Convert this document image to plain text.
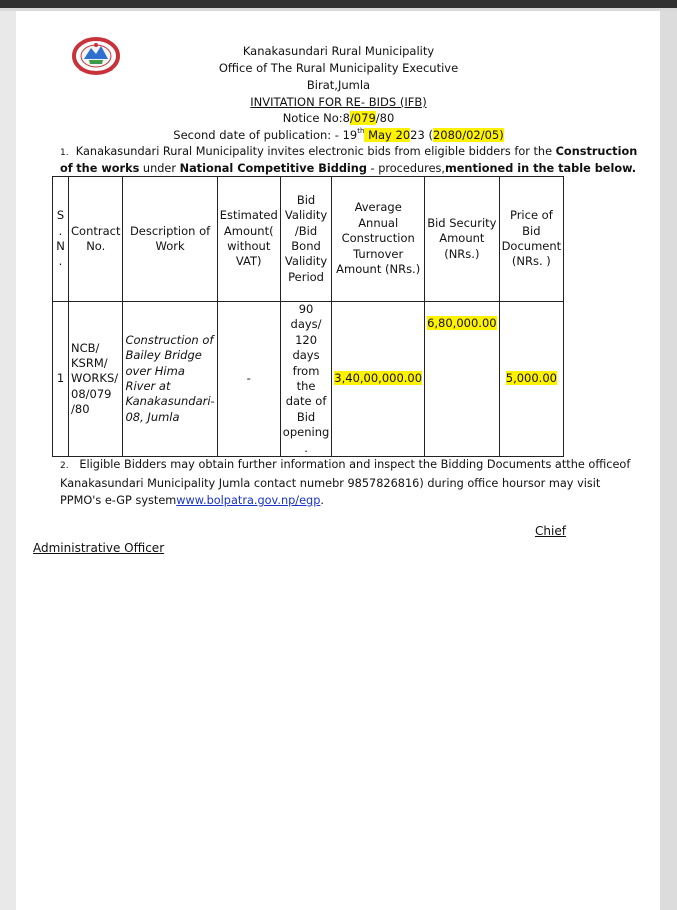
Kanakasundari Rural Municipality
Office of The Rural Municipality Executive
Birat,Jumla
INVITATION FOR RE- BIDS (IFB)
Notice No:8/079/80
Second date of publication: - 19th May 2023 (2080/02/05)
1. Kanakasundari Rural Municipality invites electronic bids from eligible bidders for the Construction of the works under National Competitive Bidding - procedures,mentioned in the table below.
S . N .	Contract No.	Description of Work	Estimated Amount( without VAT)	Bid Validity /Bid Bond Validity Period	Average Annual Construction Turnover Amount (NRs.)	Bid Security Amount (NRs.)	Price of Bid Document (NRs. )
1	NCB/ KSRM/ WORKS/ 08/079 /80	Construction of Bailey Bridge over Hima River at Kanakasundari-08, Jumla	-	90 days/ 120 days from the date of Bid opening .	3,40,00,000.00	6,80,000.00	5,000.00
2. Eligible Bidders may obtain further information and inspect the Bidding Documents atthe officeof Kanakasundari Municipality Jumla contact numebr 9857826816) during office hoursor may visit PPMO's e-GP systemwww.bolpatra.gov.np/egp.
Chief
Administrative Officer
